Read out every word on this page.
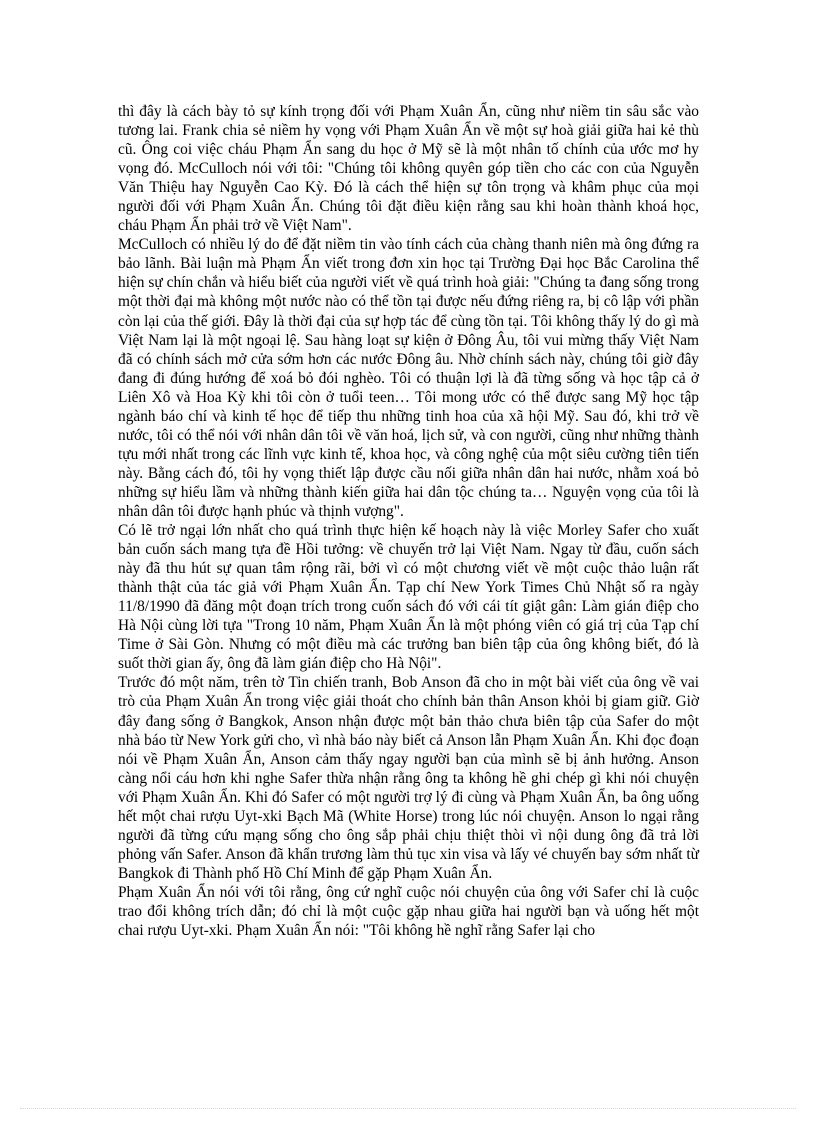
thì đây là cách bày tỏ sự kính trọng đối với Phạm Xuân Ẩn, cũng như niềm tin sâu sắc vào tương lai. Frank chia sẻ niềm hy vọng với Phạm Xuân Ẩn về một sự hoà giải giữa hai kẻ thù cũ. Ông coi việc cháu Phạm Ẩn sang du học ở Mỹ sẽ là một nhân tố chính của ước mơ hy vọng đó. McCulloch nói với tôi: "Chúng tôi không quyên góp tiền cho các con của Nguyễn Văn Thiệu hay Nguyễn Cao Kỳ. Đó là cách thể hiện sự tôn trọng và khâm phục của mọi người đối với Phạm Xuân Ẩn. Chúng tôi đặt điều kiện rằng sau khi hoàn thành khoá học, cháu Phạm Ẩn phải trở về Việt Nam".

McCulloch có nhiều lý do để đặt niềm tin vào tính cách của chàng thanh niên mà ông đứng ra bảo lãnh. Bài luận mà Phạm Ẩn viết trong đơn xin học tại Trường Đại học Bắc Carolina thể hiện sự chín chắn và hiểu biết của người viết về quá trình hoà giải: "Chúng ta đang sống trong một thời đại mà không một nước nào có thể tồn tại được nếu đứng riêng ra, bị cô lập với phần còn lại của thế giới. Đây là thời đại của sự hợp tác để cùng tồn tại. Tôi không thấy lý do gì mà Việt Nam lại là một ngoại lệ. Sau hàng loạt sự kiện ở Đông Âu, tôi vui mừng thấy Việt Nam đã có chính sách mở cửa sớm hơn các nước Đông âu. Nhờ chính sách này, chúng tôi giờ đây đang đi đúng hướng để xoá bỏ đói nghèo. Tôi có thuận lợi là đã từng sống và học tập cả ở Liên Xô và Hoa Kỳ khi tôi còn ở tuổi teen… Tôi mong ước có thể được sang Mỹ học tập ngành báo chí và kinh tế học để tiếp thu những tinh hoa của xã hội Mỹ. Sau đó, khi trở về nước, tôi có thể nói với nhân dân tôi về văn hoá, lịch sử, và con người, cũng như những thành tựu mới nhất trong các lĩnh vực kinh tế, khoa học, và công nghệ của một siêu cường tiên tiến này. Bằng cách đó, tôi hy vọng thiết lập được cầu nối giữa nhân dân hai nước, nhằm xoá bỏ những sự hiểu lầm và những thành kiến giữa hai dân tộc chúng ta… Nguyện vọng của tôi là nhân dân tôi được hạnh phúc và thịnh vượng".

Có lẽ trở ngại lớn nhất cho quá trình thực hiện kế hoạch này là việc Morley Safer cho xuất bản cuốn sách mang tựa đề Hồi tưởng: về chuyến trở lại Việt Nam. Ngay từ đầu, cuốn sách này đã thu hút sự quan tâm rộng rãi, bởi vì có một chương viết về một cuộc thảo luận rất thành thật của tác giả với Phạm Xuân Ẩn. Tạp chí New York Times Chủ Nhật số ra ngày 11/8/1990 đã đăng một đoạn trích trong cuốn sách đó với cái tít giật gân: Làm gián điệp cho Hà Nội cùng lời tựa "Trong 10 năm, Phạm Xuân Ẩn là một phóng viên có giá trị của Tạp chí Time ở Sài Gòn. Nhưng có một điều mà các trưởng ban biên tập của ông không biết, đó là suốt thời gian ấy, ông đã làm gián điệp cho Hà Nội".

Trước đó một năm, trên tờ Tin chiến tranh, Bob Anson đã cho in một bài viết của ông về vai trò của Phạm Xuân Ẩn trong việc giải thoát cho chính bản thân Anson khỏi bị giam giữ. Giờ đây đang sống ở Bangkok, Anson nhận được một bản thảo chưa biên tập của Safer do một nhà báo từ New York gửi cho, vì nhà báo này biết cả Anson lẫn Phạm Xuân Ẩn. Khi đọc đoạn nói về Phạm Xuân Ẩn, Anson cảm thấy ngay người bạn của mình sẽ bị ảnh hưởng. Anson càng nổi cáu hơn khi nghe Safer thừa nhận rằng ông ta không hề ghi chép gì khi nói chuyện với Phạm Xuân Ẩn. Khi đó Safer có một người trợ lý đi cùng và Phạm Xuân Ẩn, ba ông uống hết một chai rượu Uyt-xki Bạch Mã (White Horse) trong lúc nói chuyện. Anson lo ngại rằng người đã từng cứu mạng sống cho ông sắp phải chịu thiệt thòi vì nội dung ông đã trả lời phỏng vấn Safer. Anson đã khẩn trương làm thủ tục xin visa và lấy vé chuyến bay sớm nhất từ Bangkok đi Thành phố Hồ Chí Minh để gặp Phạm Xuân Ẩn.

Phạm Xuân Ẩn nói với tôi rằng, ông cứ nghĩ cuộc nói chuyện của ông với Safer chỉ là cuộc trao đổi không trích dẫn; đó chỉ là một cuộc gặp nhau giữa hai người bạn và uống hết một chai rượu Uyt-xki. Phạm Xuân Ẩn nói: "Tôi không hề nghĩ rằng Safer lại cho
